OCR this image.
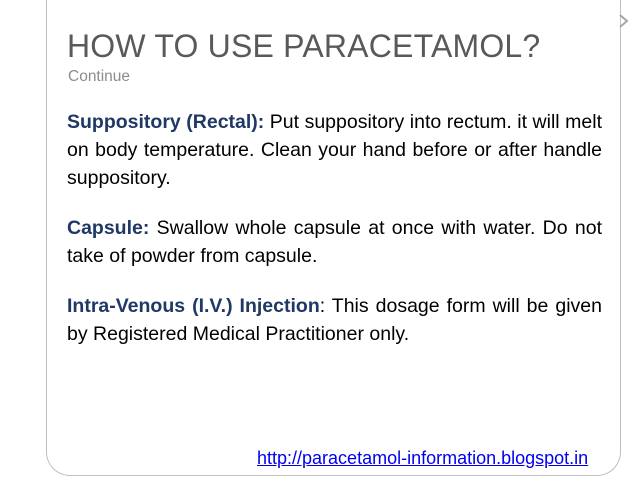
HOW TO USE PARACETAMOL?
Continue

Suppository (Rectal): Put suppository into rectum. it will melt on body temperature. Clean your hand before or after handle suppository.

Capsule: Swallow whole capsule at once with water. Do not take of powder from capsule.

Intra-Venous (I.V.) Injection: This dosage form will be given by Registered Medical Practitioner only.

http://paracetamol-information.blogspot.in
